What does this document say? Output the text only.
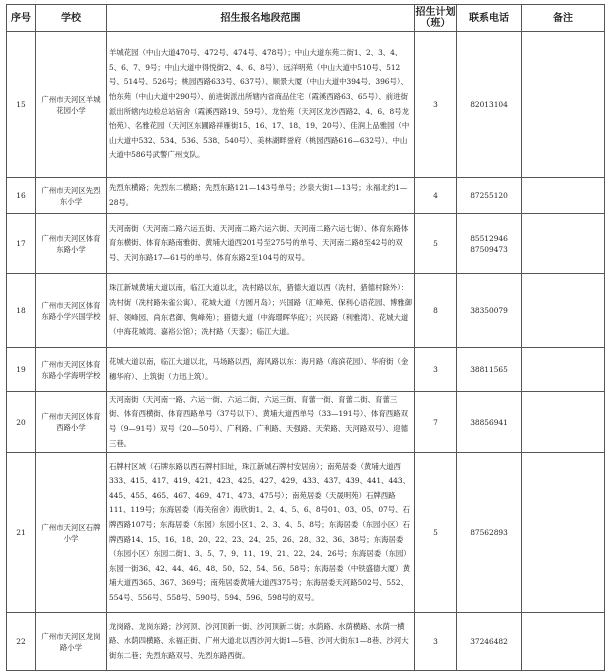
序号	学校	招生报名地段范围	招生计划（班）	联系电话	备注
15	广州市天河区羊城花园小学	羊城花园（中山大道470号、472号、474号、478号）；中山大道东苑二街1、2、3、4、5、6、7、9号；中山大道中得悦街2、4、6、8号）、远洋明苑（中山大道中510号、512号、514号、526号；桃园西路633号、637号）、顺景大厦（中山大道中394号、396号）、怡东苑（中山大道中290号）、前进街派出所辖内省商品住宅（霞溪西路63、65号）、前进街派出所辖内边检总站宿舍（霞溪西路19、59号）、龙怡苑（天河区龙沙西路2、4、6、8号龙怡苑）、名雅花园（天河区东圃路祥雁街15、16、17、18、19、20号）、佳润上品雅园（中山大道中532、534、536、538、540号）、美林湖畔誉府（桃园西路616—632号）、中山大道中586号武警广州支队。	3	82013104	
16	广州市天河区先烈东小学	先烈东横路；先烈东二横路；先烈东路121—143号单号；沙泉大街1—13号；永福北约1—28号。	4	87255120	
17	广州市天河区体育东路小学	天河南街（天河南二路六运五街、天河南二路六运六街、天河南二路六运七街）、体育东路体育东横街、体育东路南雅街、黄埔大道西201号至275号的单号、天河南二路8至42号的双号、天河东路17—61号的单号、体育东路2至104号的双号。	5	85512946 87509473	
18	广州市天河区体育东路小学兴国学校	珠江新城黄埔大道以南，临江大道以北，冼村路以东，猎德大道以西（冼村、猎德村除外）：冼村街（冼村路朱雀公寓）、花城大道（方圆月岛）；兴国路（汇峰苑、保利心语花园、博雅御轩、领峰园、尚东君御、隽峰苑）；猎德大道（中海璟晖华庭）；兴民路（利雅湾）、花城大道（中海花城湾、嘉裕公馆）；冼村路（天銮）；临江大道。	8	38350079	
19	广州市天河区体育东路小学海明学校	花城大道以南，临江大道以北，马场路以西，海风路以东：海月路（海滨花园）、华府街（金穗华府）、上筑街（力迅上筑）。	3	38811565	
20	广州市天河区体育西路小学	天河南街（天河南一路、六运一街、六运二街、六运三街、育蕾一街、育蕾二街、育蕾三街、体育西横街、体育西路单号（37号以下）、黄埔大道西单号（33—191号）、体育西路双号（9—91号）双号（20—50号）、广利路、广利路、天强路、天荣路、天河路双号）、迎德三巷。	7	38856941	
21	广州市天河区石牌小学	石牌村区域（石牌东路以西石牌村旧址，珠江新城石牌村安居房）；南苑居委（黄埔大道西333、415、417、419、421、423、425、427、429、433、437、439、441、443、445、455、465、467、469、471、473、475号）；南苑居委（天晟明苑）石牌西路111、119号；东海居委（海关宿舍）海欣街1、2、4、5、6、8号01、03、05、07号、石牌西路107号；东海居委（东园）东园小区1、2、3、4、5、8号；东海居委（东园小区）石牌西路14、15、16、18、20、22、23、24、25、26、28、32、36、38号；东海居委（东园小区）东园二街1、3、5、7、9、11、19、21、22、24、26号；东海居委（东园）东园一街36、42、44、46、48、50、52、54、56、58号；东海居委（中铁盛德大厦）黄埔大道西365、367、369号；南苑居委黄埔大道西375号；东海居委天河路502号、552、554号、556号、558号、590号、594、596、598号的双号。	5	87562893	
22	广州市天河区龙岗路小学	龙岗路、龙岗东路；沙河顶、沙河顶新一街、沙河顶新二街；水荫路、水荫横路、水荫一横路、水荫四横路、永福正街、广州大道北以西沙河大街1—5巷、沙河大街东1—8巷、沙河大街东二巷；先烈东路双号、先烈东路西街。	3	37246482	
